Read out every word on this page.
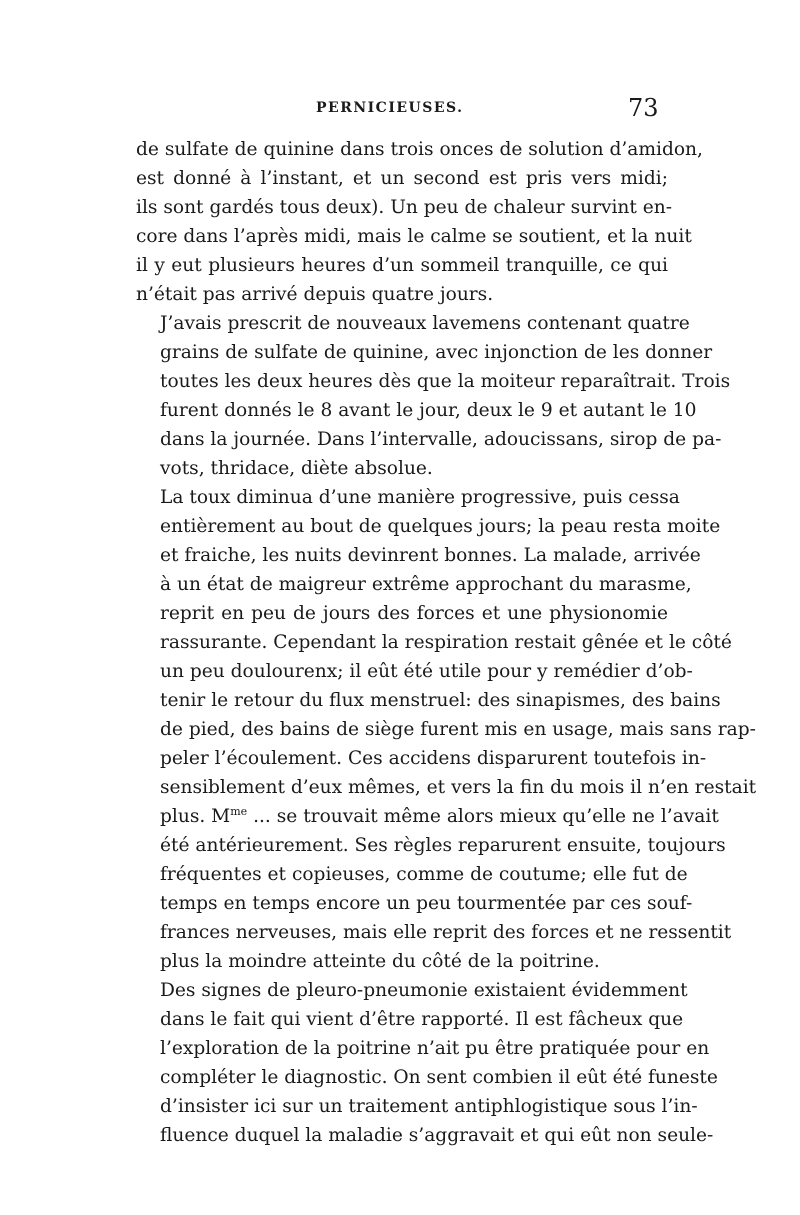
PERNICIEUSES.	73

de sulfate de quinine dans trois onces de solution d’amidon,
est donné à l’instant, et un second est pris vers midi;
ils sont gardés tous deux). Un peu de chaleur survint en-
core dans l’après midi, mais le calme se soutient, et la nuit
il y eut plusieurs heures d’un sommeil tranquille, ce qui
n’était pas arrivé depuis quatre jours.

J’avais prescrit de nouveaux lavemens contenant quatre
grains de sulfate de quinine, avec injonction de les donner
toutes les deux heures dès que la moiteur reparaîtrait. Trois
furent donnés le 8 avant le jour, deux le 9 et autant le 10
dans la journée. Dans l’intervalle, adoucissans, sirop de pa-
vots, thridace, diète absolue.

La toux diminua d’une manière progressive, puis cessa
entièrement au bout de quelques jours; la peau resta moite
et fraiche, les nuits devinrent bonnes. La malade, arrivée
à un état de maigreur extrême approchant du marasme,
reprit en peu de jours des forces et une physionomie
rassurante. Cependant la respiration restait gênée et le côté
un peu doulourenx; il eût été utile pour y remédier d’ob-
tenir le retour du flux menstruel: des sinapismes, des bains
de pied, des bains de siège furent mis en usage, mais sans rap-
peler l’écoulement. Ces accidens disparurent toutefois in-
sensiblement d’eux mêmes, et vers la fin du mois il n’en restait
plus. $M^{me}$ ... se trouvait même alors mieux qu’elle ne l’avait
été antérieurement. Ses règles reparurent ensuite, toujours
fréquentes et copieuses, comme de coutume; elle fut de
temps en temps encore un peu tourmentée par ces souf-
frances nerveuses, mais elle reprit des forces et ne ressentit
plus la moindre atteinte du côté de la poitrine.

Des signes de pleuro-pneumonie existaient évidemment
dans le fait qui vient d’être rapporté. Il est fâcheux que
l’exploration de la poitrine n’ait pu être pratiquée pour en
compléter le diagnostic. On sent combien il eût été funeste
d’insister ici sur un traitement antiphlogistique sous l’in-
fluence duquel la maladie s’aggravait et qui eût non seule-
